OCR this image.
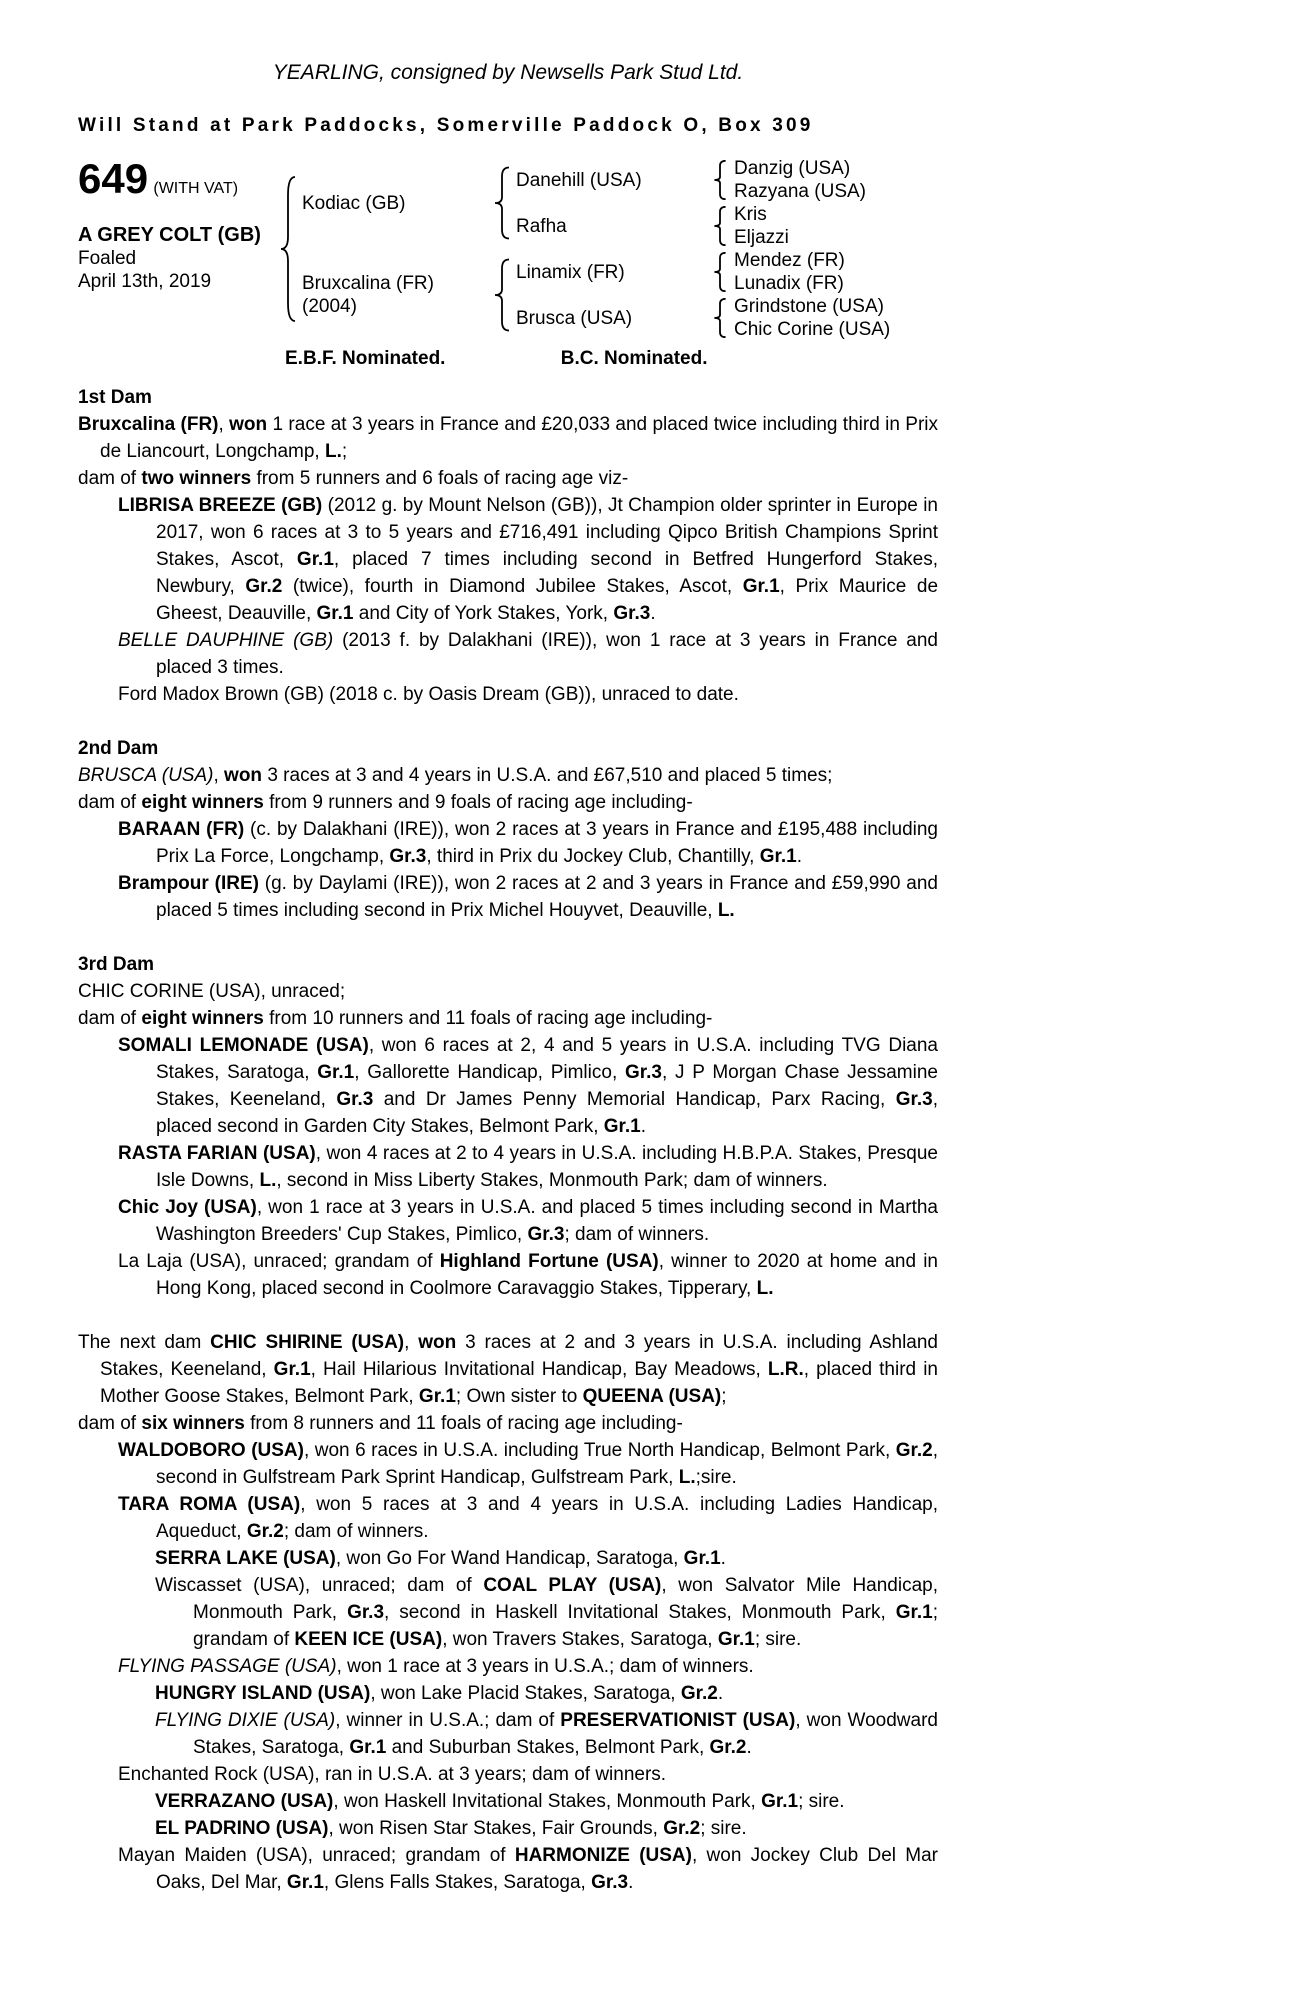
YEARLING, consigned by Newsells Park Stud Ltd.
Will Stand at Park Paddocks, Somerville Paddock O, Box 309
649 (WITH VAT)
A GREY COLT (GB)
Foaled
April 13th, 2019
Kodiac (GB)
Bruxcalina (FR)
(2004)
Danehill (USA)
Rafha
Linamix (FR)
Brusca (USA)
Danzig (USA)
Razyana (USA)
Kris
Eljazzi
Mendez (FR)
Lunadix (FR)
Grindstone (USA)
Chic Corine (USA)
E.B.F. Nominated.	B.C. Nominated.
1st Dam
Bruxcalina (FR), won 1 race at 3 years in France and £20,033 and placed twice including third in Prix de Liancourt, Longchamp, L.;
dam of two winners from 5 runners and 6 foals of racing age viz-
LIBRISA BREEZE (GB) (2012 g. by Mount Nelson (GB)), Jt Champion older sprinter in Europe in 2017, won 6 races at 3 to 5 years and £716,491 including Qipco British Champions Sprint Stakes, Ascot, Gr.1, placed 7 times including second in Betfred Hungerford Stakes, Newbury, Gr.2 (twice), fourth in Diamond Jubilee Stakes, Ascot, Gr.1, Prix Maurice de Gheest, Deauville, Gr.1 and City of York Stakes, York, Gr.3.
BELLE DAUPHINE (GB) (2013 f. by Dalakhani (IRE)), won 1 race at 3 years in France and placed 3 times.
Ford Madox Brown (GB) (2018 c. by Oasis Dream (GB)), unraced to date.
2nd Dam
BRUSCA (USA), won 3 races at 3 and 4 years in U.S.A. and £67,510 and placed 5 times;
dam of eight winners from 9 runners and 9 foals of racing age including-
BARAAN (FR) (c. by Dalakhani (IRE)), won 2 races at 3 years in France and £195,488 including Prix La Force, Longchamp, Gr.3, third in Prix du Jockey Club, Chantilly, Gr.1.
Brampour (IRE) (g. by Daylami (IRE)), won 2 races at 2 and 3 years in France and £59,990 and placed 5 times including second in Prix Michel Houyvet, Deauville, L.
3rd Dam
CHIC CORINE (USA), unraced;
dam of eight winners from 10 runners and 11 foals of racing age including-
SOMALI LEMONADE (USA), won 6 races at 2, 4 and 5 years in U.S.A. including TVG Diana Stakes, Saratoga, Gr.1, Gallorette Handicap, Pimlico, Gr.3, J P Morgan Chase Jessamine Stakes, Keeneland, Gr.3 and Dr James Penny Memorial Handicap, Parx Racing, Gr.3, placed second in Garden City Stakes, Belmont Park, Gr.1.
RASTA FARIAN (USA), won 4 races at 2 to 4 years in U.S.A. including H.B.P.A. Stakes, Presque Isle Downs, L., second in Miss Liberty Stakes, Monmouth Park; dam of winners.
Chic Joy (USA), won 1 race at 3 years in U.S.A. and placed 5 times including second in Martha Washington Breeders' Cup Stakes, Pimlico, Gr.3; dam of winners.
La Laja (USA), unraced; grandam of Highland Fortune (USA), winner to 2020 at home and in Hong Kong, placed second in Coolmore Caravaggio Stakes, Tipperary, L.
The next dam CHIC SHIRINE (USA), won 3 races at 2 and 3 years in U.S.A. including Ashland Stakes, Keeneland, Gr.1, Hail Hilarious Invitational Handicap, Bay Meadows, L.R., placed third in Mother Goose Stakes, Belmont Park, Gr.1; Own sister to QUEENA (USA);
dam of six winners from 8 runners and 11 foals of racing age including-
WALDOBORO (USA), won 6 races in U.S.A. including True North Handicap, Belmont Park, Gr.2, second in Gulfstream Park Sprint Handicap, Gulfstream Park, L.;sire.
TARA ROMA (USA), won 5 races at 3 and 4 years in U.S.A. including Ladies Handicap, Aqueduct, Gr.2; dam of winners.
SERRA LAKE (USA), won Go For Wand Handicap, Saratoga, Gr.1.
Wiscasset (USA), unraced; dam of COAL PLAY (USA), won Salvator Mile Handicap, Monmouth Park, Gr.3, second in Haskell Invitational Stakes, Monmouth Park, Gr.1; grandam of KEEN ICE (USA), won Travers Stakes, Saratoga, Gr.1; sire.
FLYING PASSAGE (USA), won 1 race at 3 years in U.S.A.; dam of winners.
HUNGRY ISLAND (USA), won Lake Placid Stakes, Saratoga, Gr.2.
FLYING DIXIE (USA), winner in U.S.A.; dam of PRESERVATIONIST (USA), won Woodward Stakes, Saratoga, Gr.1 and Suburban Stakes, Belmont Park, Gr.2.
Enchanted Rock (USA), ran in U.S.A. at 3 years; dam of winners.
VERRAZANO (USA), won Haskell Invitational Stakes, Monmouth Park, Gr.1; sire.
EL PADRINO (USA), won Risen Star Stakes, Fair Grounds, Gr.2; sire.
Mayan Maiden (USA), unraced; grandam of HARMONIZE (USA), won Jockey Club Del Mar Oaks, Del Mar, Gr.1, Glens Falls Stakes, Saratoga, Gr.3.
